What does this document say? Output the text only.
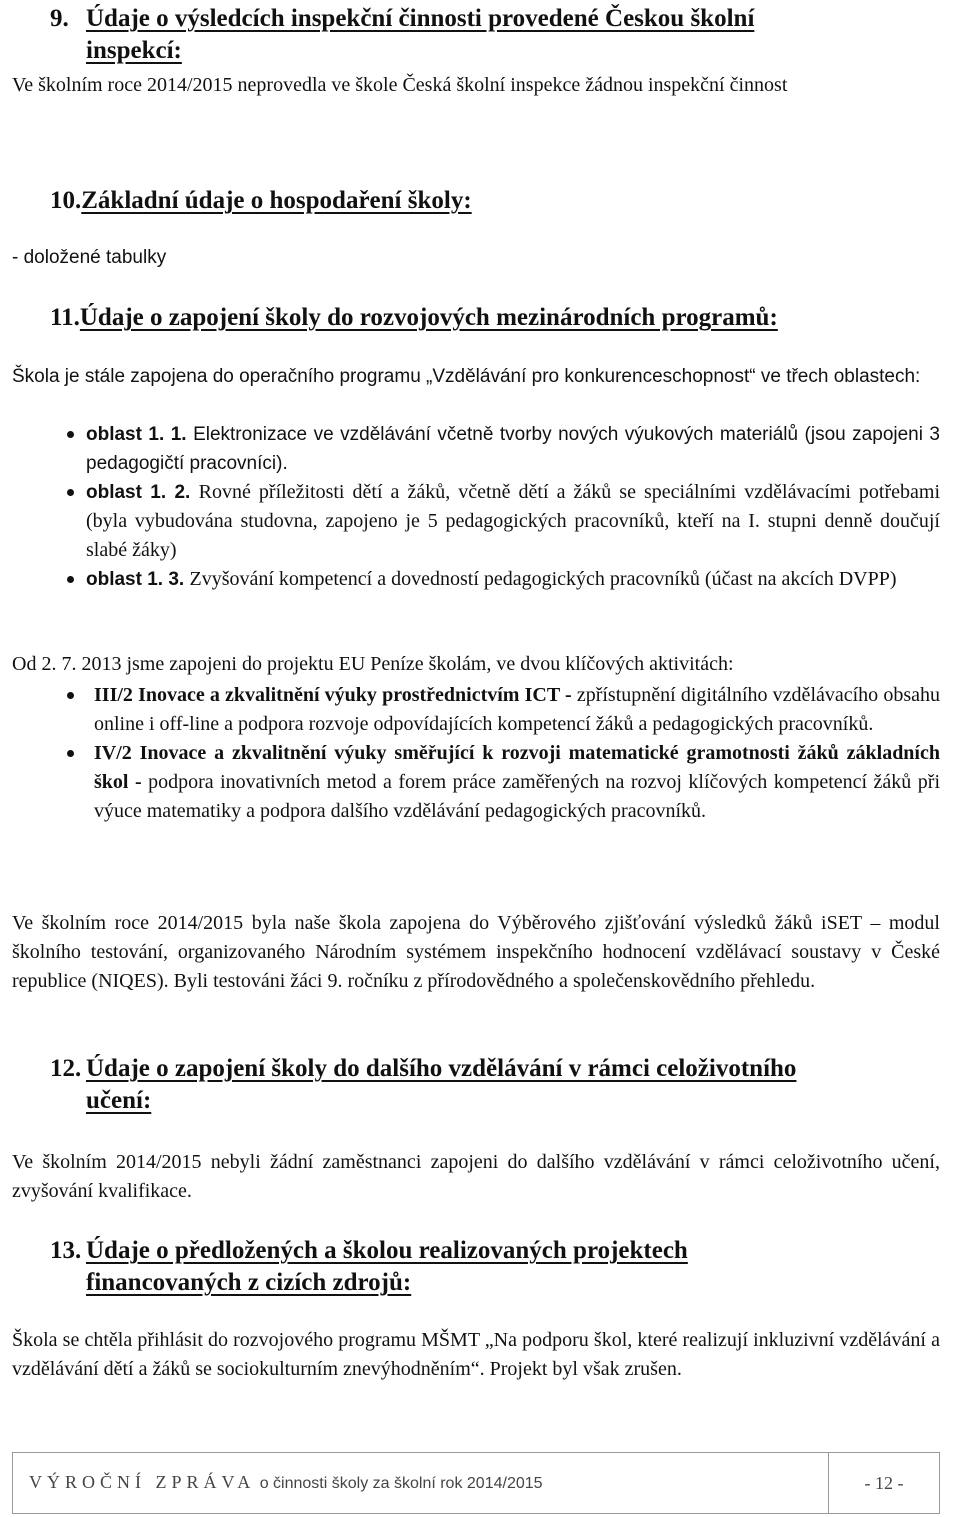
9. Údaje o výsledcích inspekční činnosti provedené Českou školní
inspekcí:

Ve školním roce 2014/2015 neprovedla ve škole Česká školní inspekce žádnou inspekční činnost

10. Základní údaje o hospodaření školy:

- doložené tabulky

11. Údaje o zapojení školy do rozvojových mezinárodních programů:

Škola je stále zapojena do operačního programu „Vzdělávání pro konkurenceschopnost“ ve třech oblastech:

oblast 1. 1. Elektronizace ve vzdělávání včetně tvorby nových výukových materiálů (jsou zapojeni 3 pedagogičtí pracovníci).
oblast 1. 2. Rovné příležitosti dětí a žáků, včetně dětí a žáků se speciálními vzdělávacími potřebami (byla vybudována studovna, zapojeno je 5 pedagogických pracovníků, kteří na I. stupni denně doučují slabé žáky)
oblast 1. 3. Zvyšování kompetencí a dovedností pedagogických pracovníků (účast na akcích DVPP)

Od 2. 7. 2013 jsme zapojeni do projektu EU Peníze školám, ve dvou klíčových aktivitách:

III/2 Inovace a zkvalitnění výuky prostřednictvím ICT - zpřístupnění digitálního vzdělávacího obsahu online i off-line a podpora rozvoje odpovídajících kompetencí žáků a pedagogických pracovníků.
IV/2 Inovace a zkvalitnění výuky směřující k rozvoji matematické gramotnosti žáků základních škol - podpora inovativních metod a forem práce zaměřených na rozvoj klíčových kompetencí žáků při výuce matematiky a podpora dalšího vzdělávání pedagogických pracovníků.

Ve školním roce 2014/2015 byla naše škola zapojena do Výběrového zjišťování výsledků žáků iSET – modul školního testování, organizovaného Národním systémem inspekčního hodnocení vzdělávací soustavy v České republice (NIQES). Byli testováni žáci 9. ročníku z přírodovědného a společenskovědního přehledu.

12. Údaje o zapojení školy do dalšího vzdělávání v rámci celoživotního
učení:

Ve školním 2014/2015 nebyli žádní zaměstnanci zapojeni do dalšího vzdělávání v rámci celoživotního učení, zvyšování kvalifikace.

13. Údaje o předložených a školou realizovaných projektech
financovaných z cizích zdrojů:

Škola se chtěla přihlásit do rozvojového programu MŠMT „Na podporu škol, které realizují inkluzivní vzdělávání a vzdělávání dětí a žáků se sociokulturním znevýhodněním“. Projekt byl však zrušen.

VÝROČNÍ ZPRÁVA o činnosti školy za školní rok 2014/2015	- 12 -
